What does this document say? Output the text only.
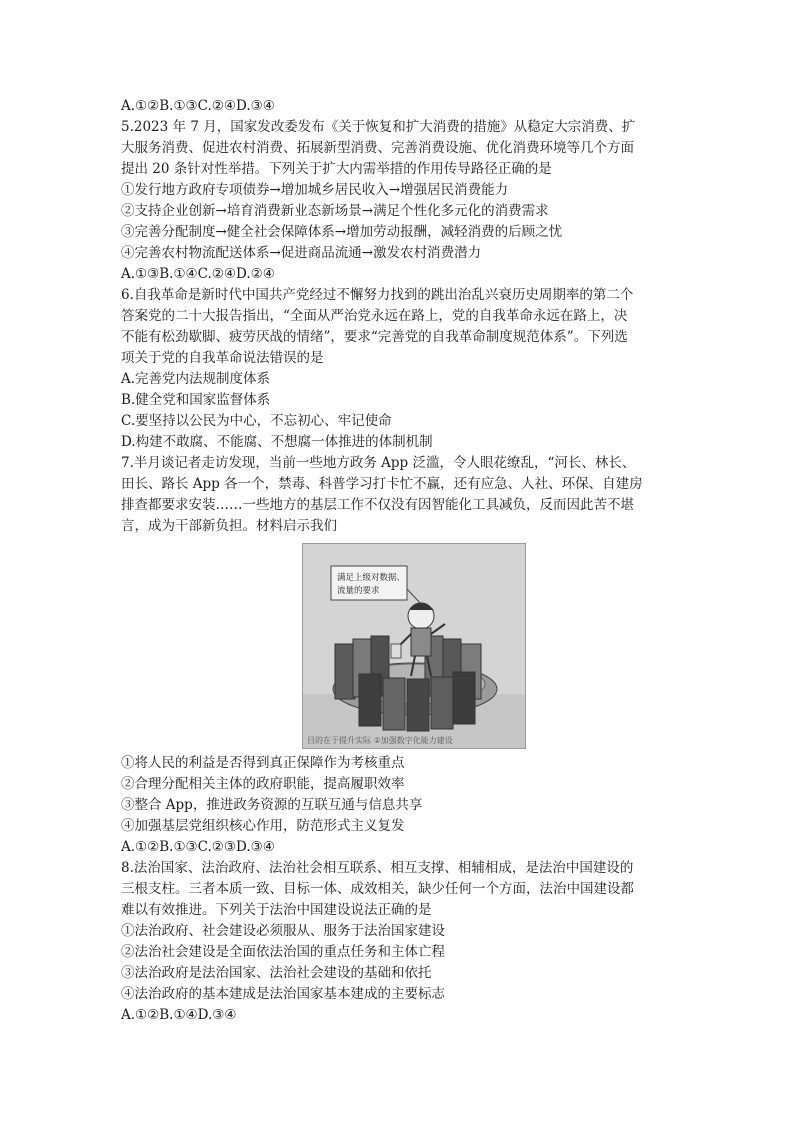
A.①②B.①③C.②④D.③④
5.2023 年 7 月，国家发改委发布《关于恢复和扩大消费的措施》从稳定大宗消费、扩
大服务消费、促进农村消费、拓展新型消费、完善消费设施、优化消费环境等几个方面
提出 20 条针对性举措。下列关于扩大内需举措的作用传导路径正确的是
①发行地方政府专项债券→增加城乡居民收入→增强居民消费能力
②支持企业创新→培育消费新业态新场景→满足个性化多元化的消费需求
③完善分配制度→健全社会保障体系→增加劳动报酬，减轻消费的后顾之忧
④完善农村物流配送体系→促进商品流通→激发农村消费潜力
A.①③B.①④C.②④D.②④
6.自我革命是新时代中国共产党经过不懈努力找到的跳出治乱兴衰历史周期率的第二个
答案党的二十大报告指出，“全面从严治党永远在路上，党的自我革命永远在路上，决
不能有松劲歇脚、疲劳厌战的情绪”，要求“完善党的自我革命制度规范体系”。下列选
项关于党的自我革命说法错误的是
A.完善党内法规制度体系
B.健全党和国家监督体系
C.要坚持以公民为中心，不忘初心、牢记使命
D.构建不敢腐、不能腐、不想腐一体推进的体制机制
7.半月谈记者走访发现，当前一些地方政务 App 泛滥，令人眼花缭乱，“河长、林长、
田长、路长 App 各一个，禁毒、科普学习打卡忙不赢，还有应急、人社、环保、自建房
排查都要求安装……一些地方的基层工作不仅没有因智能化工具减负，反而因此苦不堪
言，成为干部新负担。材料启示我们
满足上级对数据、
流量的要求
目的在于提升实际 ②加强数字化能力建设
①将人民的利益是否得到真正保障作为考核重点
②合理分配相关主体的政府职能，提高履职效率
③整合 App，推进政务资源的互联互通与信息共享
④加强基层党组织核心作用，防范形式主义复发
A.①②B.①③C.②③D.③④
8.法治国家、法治政府、法治社会相互联系、相互支撑、相辅相成，是法治中国建设的
三根支柱。三者本质一致、目标一体、成效相关，缺少任何一个方面，法治中国建设都
难以有效推进。下列关于法治中国建设说法正确的是
①法治政府、社会建设必须服从、服务于法治国家建设
②法治社会建设是全面依法治国的重点任务和主体亡程
③法治政府是法治国家、法治社会建设的基础和依托
④法治政府的基本建成是法治国家基本建成的主要标志
A.①②B.①④D.③④
